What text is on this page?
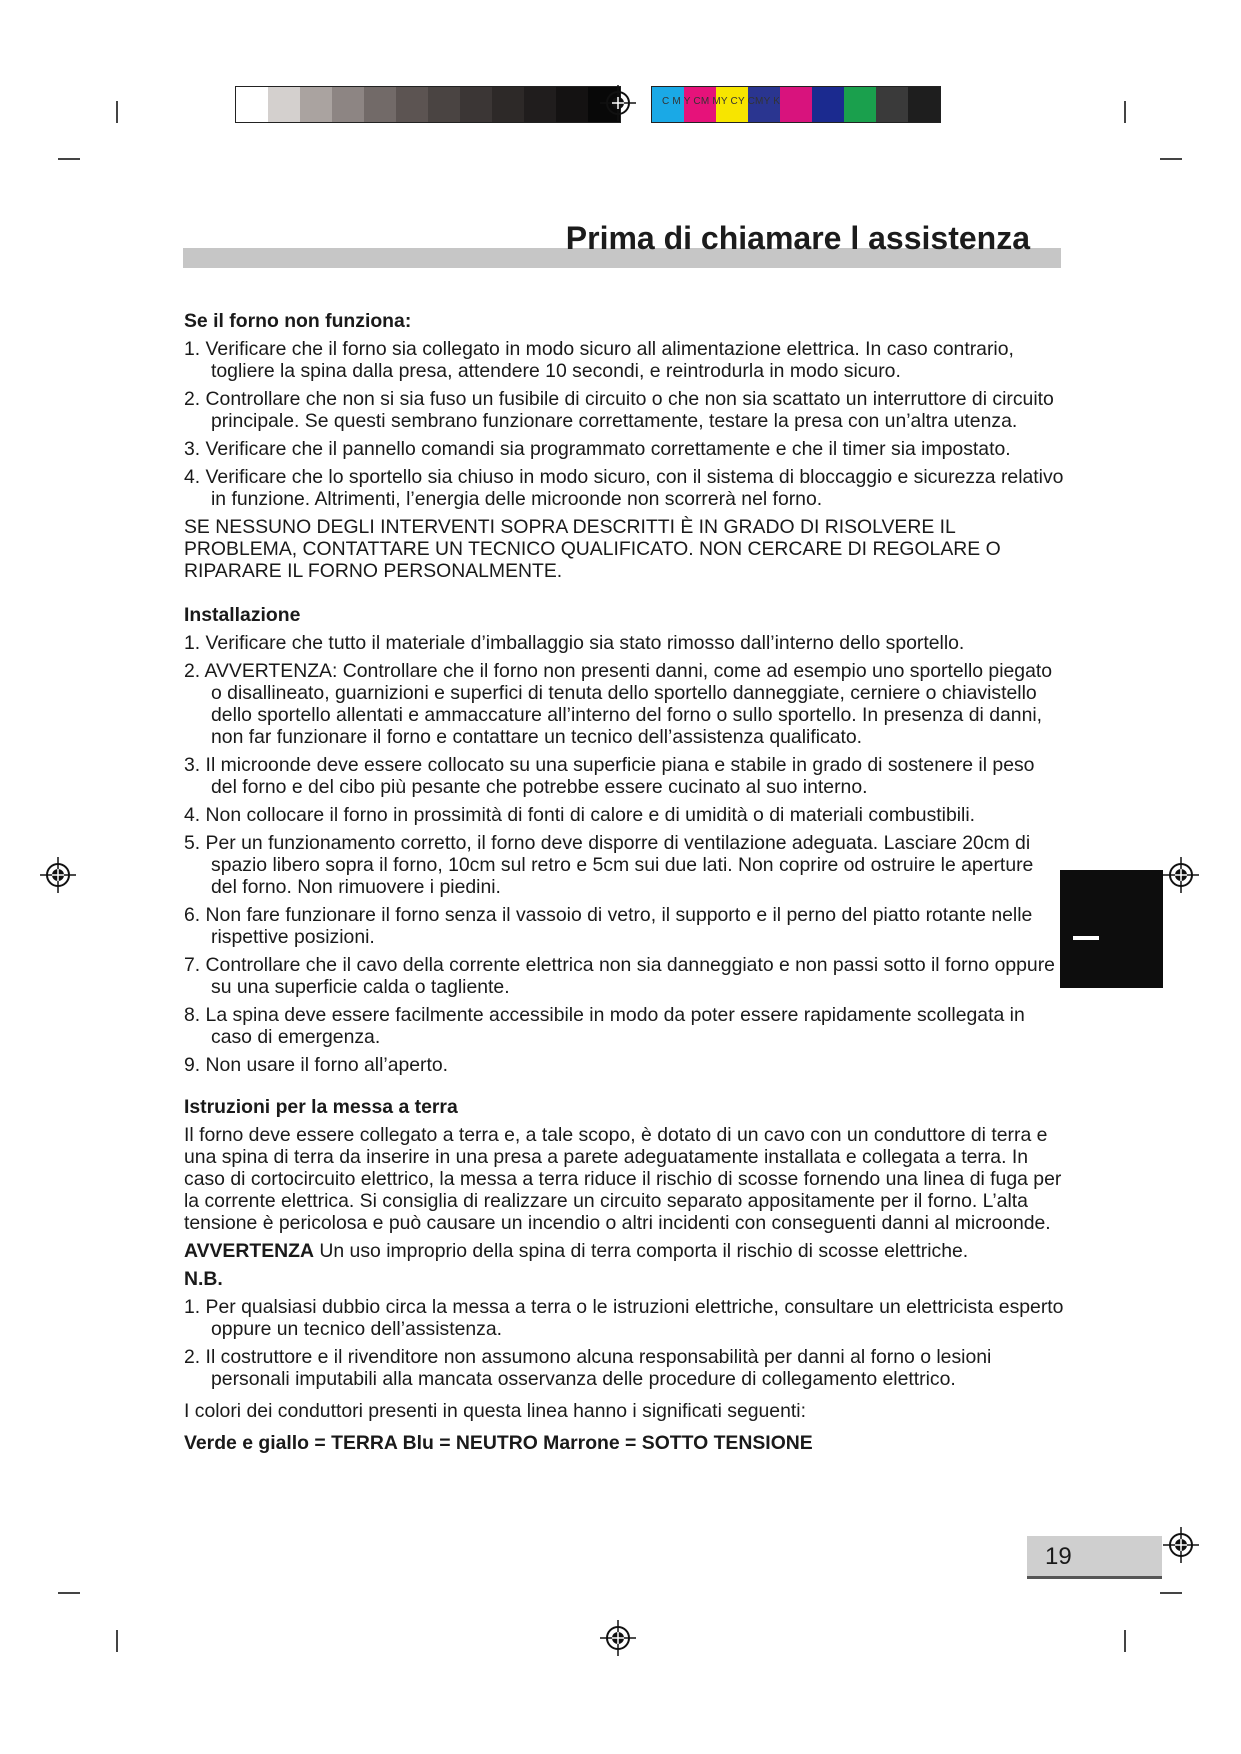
C M Y CM MY CY CMY K
Prima di chiamare l assistenza
19
Se il forno non funziona:
1. Verificare che il forno sia collegato in modo sicuro all alimentazione elettrica. In caso contrario, togliere la spina dalla presa, attendere 10 secondi, e reintrodurla in modo sicuro.
2. Controllare che non si sia fuso un fusibile di circuito o che non sia scattato un interruttore di circuito principale. Se questi sembrano funzionare correttamente, testare la presa con un’altra utenza.
3. Verificare che il pannello comandi sia programmato correttamente e che il timer sia impostato.
4. Verificare che lo sportello sia chiuso in modo sicuro, con il sistema di bloccaggio e sicurezza relativo in funzione. Altrimenti, l’energia delle microonde non scorrerà nel forno.
SE NESSUNO DEGLI INTERVENTI SOPRA DESCRITTI È IN GRADO DI RISOLVERE IL PROBLEMA, CONTATTARE UN TECNICO QUALIFICATO. NON CERCARE DI REGOLARE O RIPARARE IL FORNO PERSONALMENTE.
Installazione
1. Verificare che tutto il materiale d’imballaggio sia stato rimosso dall’interno dello sportello.
2. AVVERTENZA: Controllare che il forno non presenti danni, come ad esempio uno sportello piegato o disallineato, guarnizioni e superfici di tenuta dello sportello danneggiate, cerniere o chiavistello dello sportello allentati e ammaccature all’interno del forno o sullo sportello. In presenza di danni, non far funzionare il forno e contattare un tecnico dell’assistenza qualificato.
3. Il microonde deve essere collocato su una superficie piana e stabile in grado di sostenere il peso del forno e del cibo più pesante che potrebbe essere cucinato al suo interno.
4. Non collocare il forno in prossimità di fonti di calore e di umidità o di materiali combustibili.
5. Per un funzionamento corretto, il forno deve disporre di ventilazione adeguata. Lasciare 20cm di spazio libero sopra il forno, 10cm sul retro e 5cm sui due lati. Non coprire od ostruire le aperture del forno. Non rimuovere i piedini.
6. Non fare funzionare il forno senza il vassoio di vetro, il supporto e il perno del piatto rotante nelle rispettive posizioni.
7. Controllare che il cavo della corrente elettrica non sia danneggiato e non passi sotto il forno oppure su una superficie calda o tagliente.
8. La spina deve essere facilmente accessibile in modo da poter essere rapidamente scollegata in caso di emergenza.
9. Non usare il forno all’aperto.
Istruzioni per la messa a terra
Il forno deve essere collegato a terra e, a tale scopo, è dotato di un cavo con un conduttore di terra e una spina di terra da inserire in una presa a parete adeguatamente installata e collegata a terra. In caso di cortocircuito elettrico, la messa a terra riduce il rischio di scosse fornendo una linea di fuga per la corrente elettrica. Si consiglia di realizzare un circuito separato appositamente per il forno. L’alta tensione è pericolosa e può causare un incendio o altri incidenti con conseguenti danni al microonde.
AVVERTENZA Un uso improprio della spina di terra comporta il rischio di scosse elettriche.
N.B.
1. Per qualsiasi dubbio circa la messa a terra o le istruzioni elettriche, consultare un elettricista esperto oppure un tecnico dell’assistenza.
2. Il costruttore e il rivenditore non assumono alcuna responsabilità per danni al forno o lesioni personali imputabili alla mancata osservanza delle procedure di collegamento elettrico.
I colori dei conduttori presenti in questa linea hanno i significati seguenti:
Verde e giallo = TERRA Blu = NEUTRO Marrone = SOTTO TENSIONE
